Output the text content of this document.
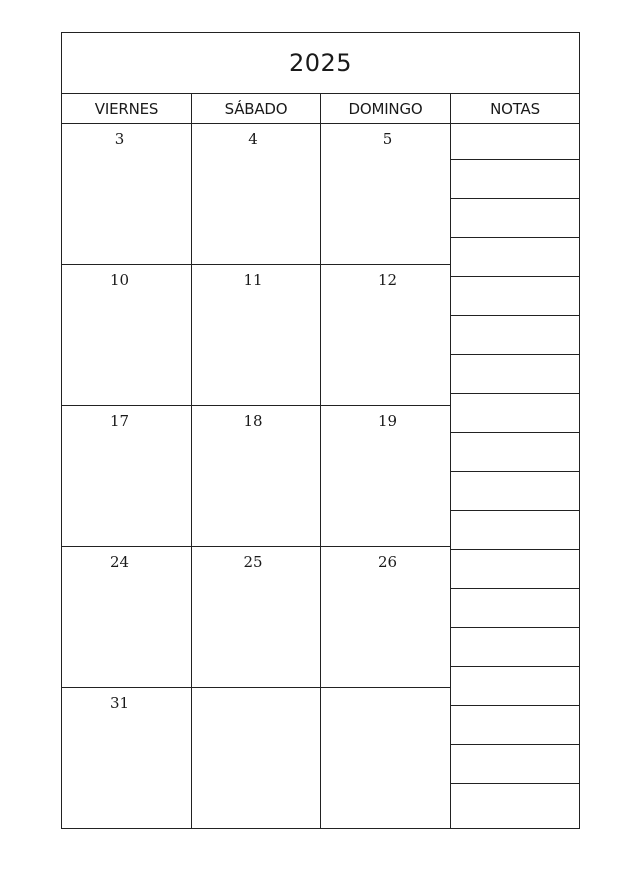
2025
VIERNES	SÁBADO	DOMINGO	NOTAS
3	4	5
10	11	12
17	18	19
24	25	26
31
